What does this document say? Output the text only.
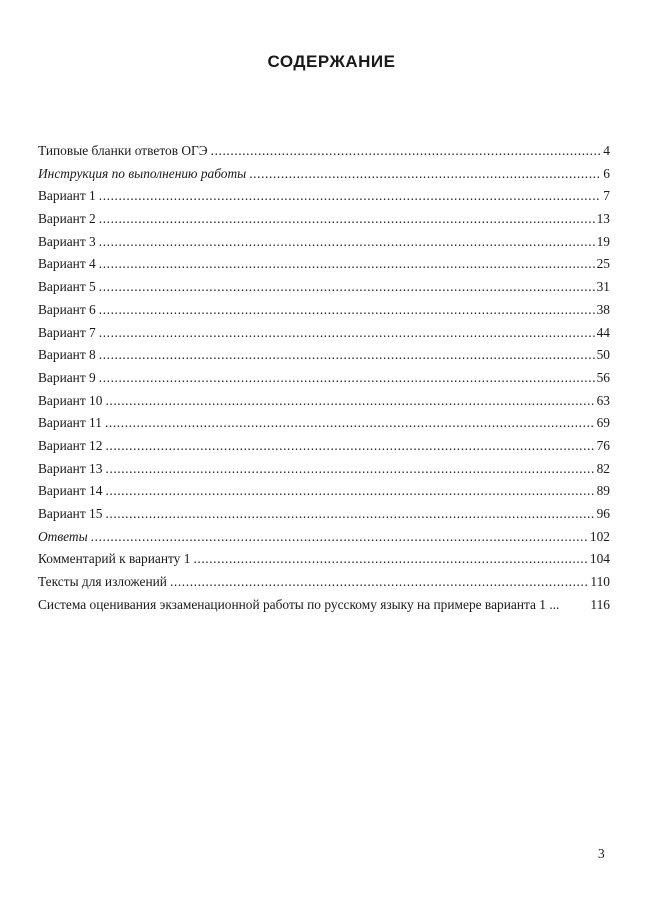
СОДЕРЖАНИЕ
Типовые бланки ответов ОГЭ .....	4
Инструкция по выполнению работы .....	6
Вариант 1 .....	7
Вариант 2 .....	13
Вариант 3 .....	19
Вариант 4 .....	25
Вариант 5 .....	31
Вариант 6 .....	38
Вариант 7 .....	44
Вариант 8 .....	50
Вариант 9 .....	56
Вариант 10 .....	63
Вариант 11 .....	69
Вариант 12 .....	76
Вариант 13 .....	82
Вариант 14 .....	89
Вариант 15 .....	96
Ответы .....	102
Комментарий к варианту 1 .....	104
Тексты для изложений .....	110
Система оценивания экзаменационной работы по русскому языку на примере варианта 1 ... 116
3
